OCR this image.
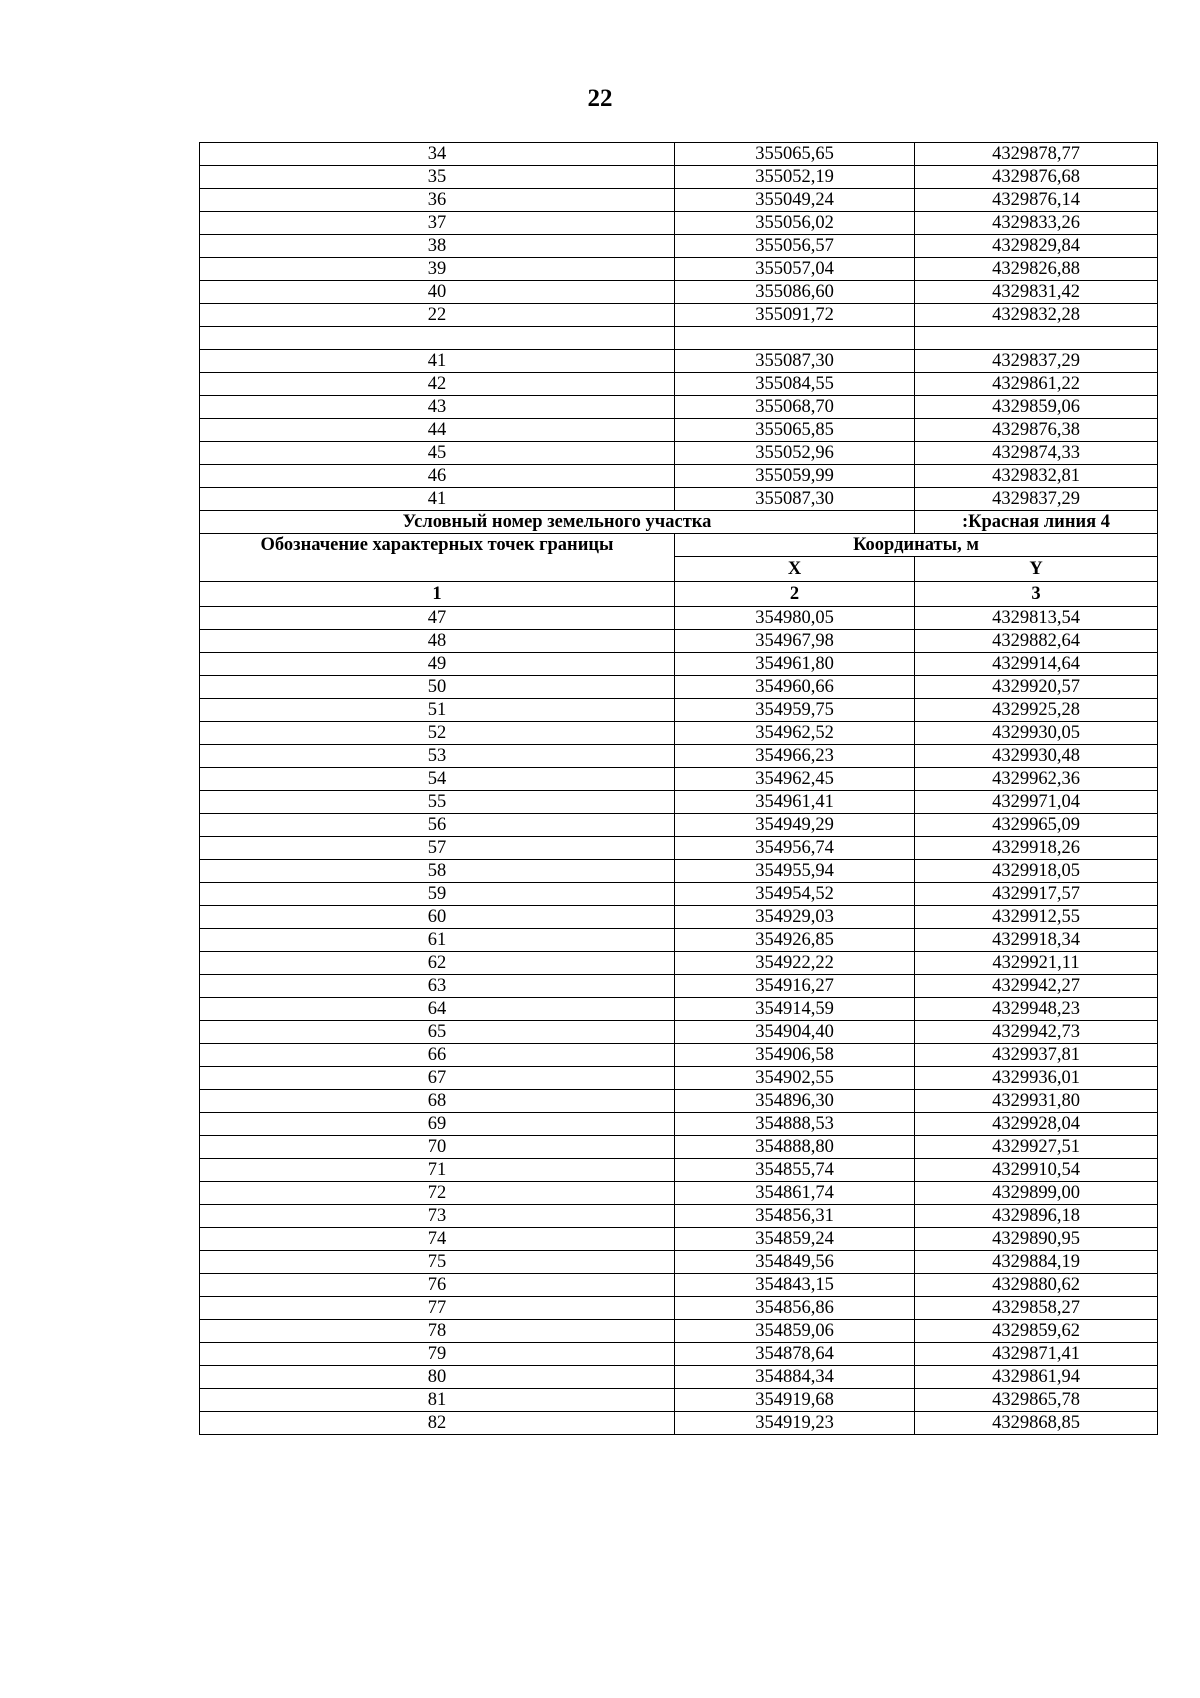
22
34	355065,65	4329878,77
35	355052,19	4329876,68
36	355049,24	4329876,14
37	355056,02	4329833,26
38	355056,57	4329829,84
39	355057,04	4329826,88
40	355086,60	4329831,42
22	355091,72	4329832,28

41	355087,30	4329837,29
42	355084,55	4329861,22
43	355068,70	4329859,06
44	355065,85	4329876,38
45	355052,96	4329874,33
46	355059,99	4329832,81
41	355087,30	4329837,29
Условный номер земельного участка		:Красная линия 4
Обозначение характерных точек границы	Координаты, м	
	X	Y
1	2	3
47	354980,05	4329813,54
48	354967,98	4329882,64
49	354961,80	4329914,64
50	354960,66	4329920,57
51	354959,75	4329925,28
52	354962,52	4329930,05
53	354966,23	4329930,48
54	354962,45	4329962,36
55	354961,41	4329971,04
56	354949,29	4329965,09
57	354956,74	4329918,26
58	354955,94	4329918,05
59	354954,52	4329917,57
60	354929,03	4329912,55
61	354926,85	4329918,34
62	354922,22	4329921,11
63	354916,27	4329942,27
64	354914,59	4329948,23
65	354904,40	4329942,73
66	354906,58	4329937,81
67	354902,55	4329936,01
68	354896,30	4329931,80
69	354888,53	4329928,04
70	354888,80	4329927,51
71	354855,74	4329910,54
72	354861,74	4329899,00
73	354856,31	4329896,18
74	354859,24	4329890,95
75	354849,56	4329884,19
76	354843,15	4329880,62
77	354856,86	4329858,27
78	354859,06	4329859,62
79	354878,64	4329871,41
80	354884,34	4329861,94
81	354919,68	4329865,78
82	354919,23	4329868,85
